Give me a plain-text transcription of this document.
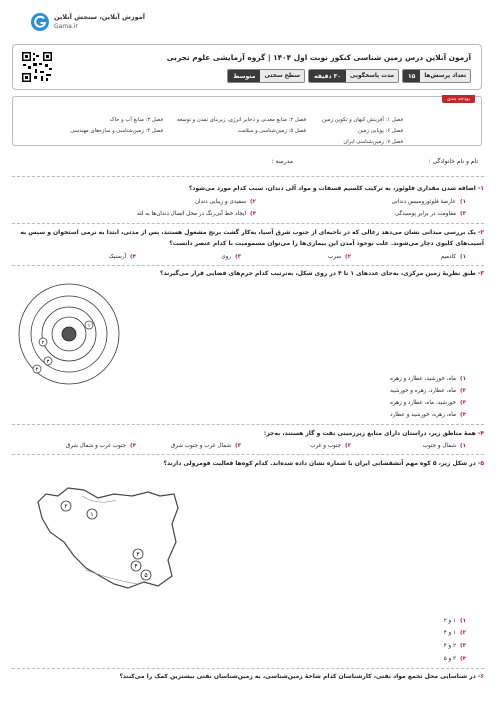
آموزش آنلاین، سنجش آنلاین
Gama.ir
آزمون آنلاین درس زمین شناسی کنکور نوبت اول ۱۴۰۴ | گروه آزمایشی علوم تجربی
تعداد پرسش‌ها
۱۵
مدت پاسخگویی
۳۰ دقیقه
سطح سختی
متوسط
بودجه بندی
فصل ۱: آفرینش کیهان و تکوین زمین
فصل ۲: منابع معدنی و ذخایر انرژی، زیربنای تمدن و توسعه
فصل ۳: منابع آب و خاک
فصل ۴: زمین‌شناسی و سازه‌های مهندسی	فصل ۵: زمین‌شناسی و سلامت	فصل ۶: پویایی زمین
فصل ۷: زمین‌شناسی ایران
نام و نام خانوادگی :
مدرسه :
۱-اضافه شدن مقداری فلوئور، به ترکیب کلسیم فسفات و مواد آلی دندان، سبب کدام مورد می‌شود؟
۱)عارضهٔ فلوئوروسیس دندانی
۲)سفیدی و زیبایی دندان
۳)مقاومت در برابر پوسیدگی
۴)ایجاد خط آبی‌رنگ در محل اتصال دندان‌ها به لثه
۲-یک بررسی میدانی نشان می‌دهد زغالی که در ناحیه‌ای از جنوب شرق آسیا، به‌کار گشت برنج مشغول هستند، پس از مدتی، ابتدا به نرمی استخوان و سپس به
آسیب‌های کلیوی دچار می‌شوند. علت بوجود آمدن این بیماری‌ها را می‌توان مسمومیت با کدام عنصر دانست؟
۱)کادمیم
۲)سرب
۳)روی
۴)آرسنیک
۳-طبق نظریهٔ زمین مرکزی، به‌جای عددهای ۱ تا ۴ در روی شکل، به‌ترتیب کدام جرم‌های فضایی قرار می‌گیرند؟
۱
۲
۳
۴
۱)ماه، خورشید، عطارد و زهره
۲)ماه، عطارد، زهره و خورشید
۳)خورشید، ماه، عطارد و زهره
۴)ماه، زهره، خورشید و عطارد
۴-همهٔ مناطق زیر، دراستان دارای منابع زیرزمینی نفت و گاز هستند، به‌جز:
۱)شمال و جنوب
۲)جنوب و غرب
۳)شمال غرب و جنوب شرق
۴)جنوب غرب و شمال شرق
۵-در شکل زیر، ۵ کوه مهم آتشفشانی ایران با شماره نشان داده شده‌اند. کدام کوه‌ها فعالیت فومرولی دارند؟
۱
۲
۳
۴
۵
۱)۱ و ۲
۲)۱ و ۴
۳)۲ و ۴
۴)۳ و ۵
۶-در شناسایی محل تجمع مواد نفتی، کارشناسان کدام شاخهٔ زمین‌شناسی، به زمین‌شناسان نفتی بیشترین کمک را می‌کنند؟
